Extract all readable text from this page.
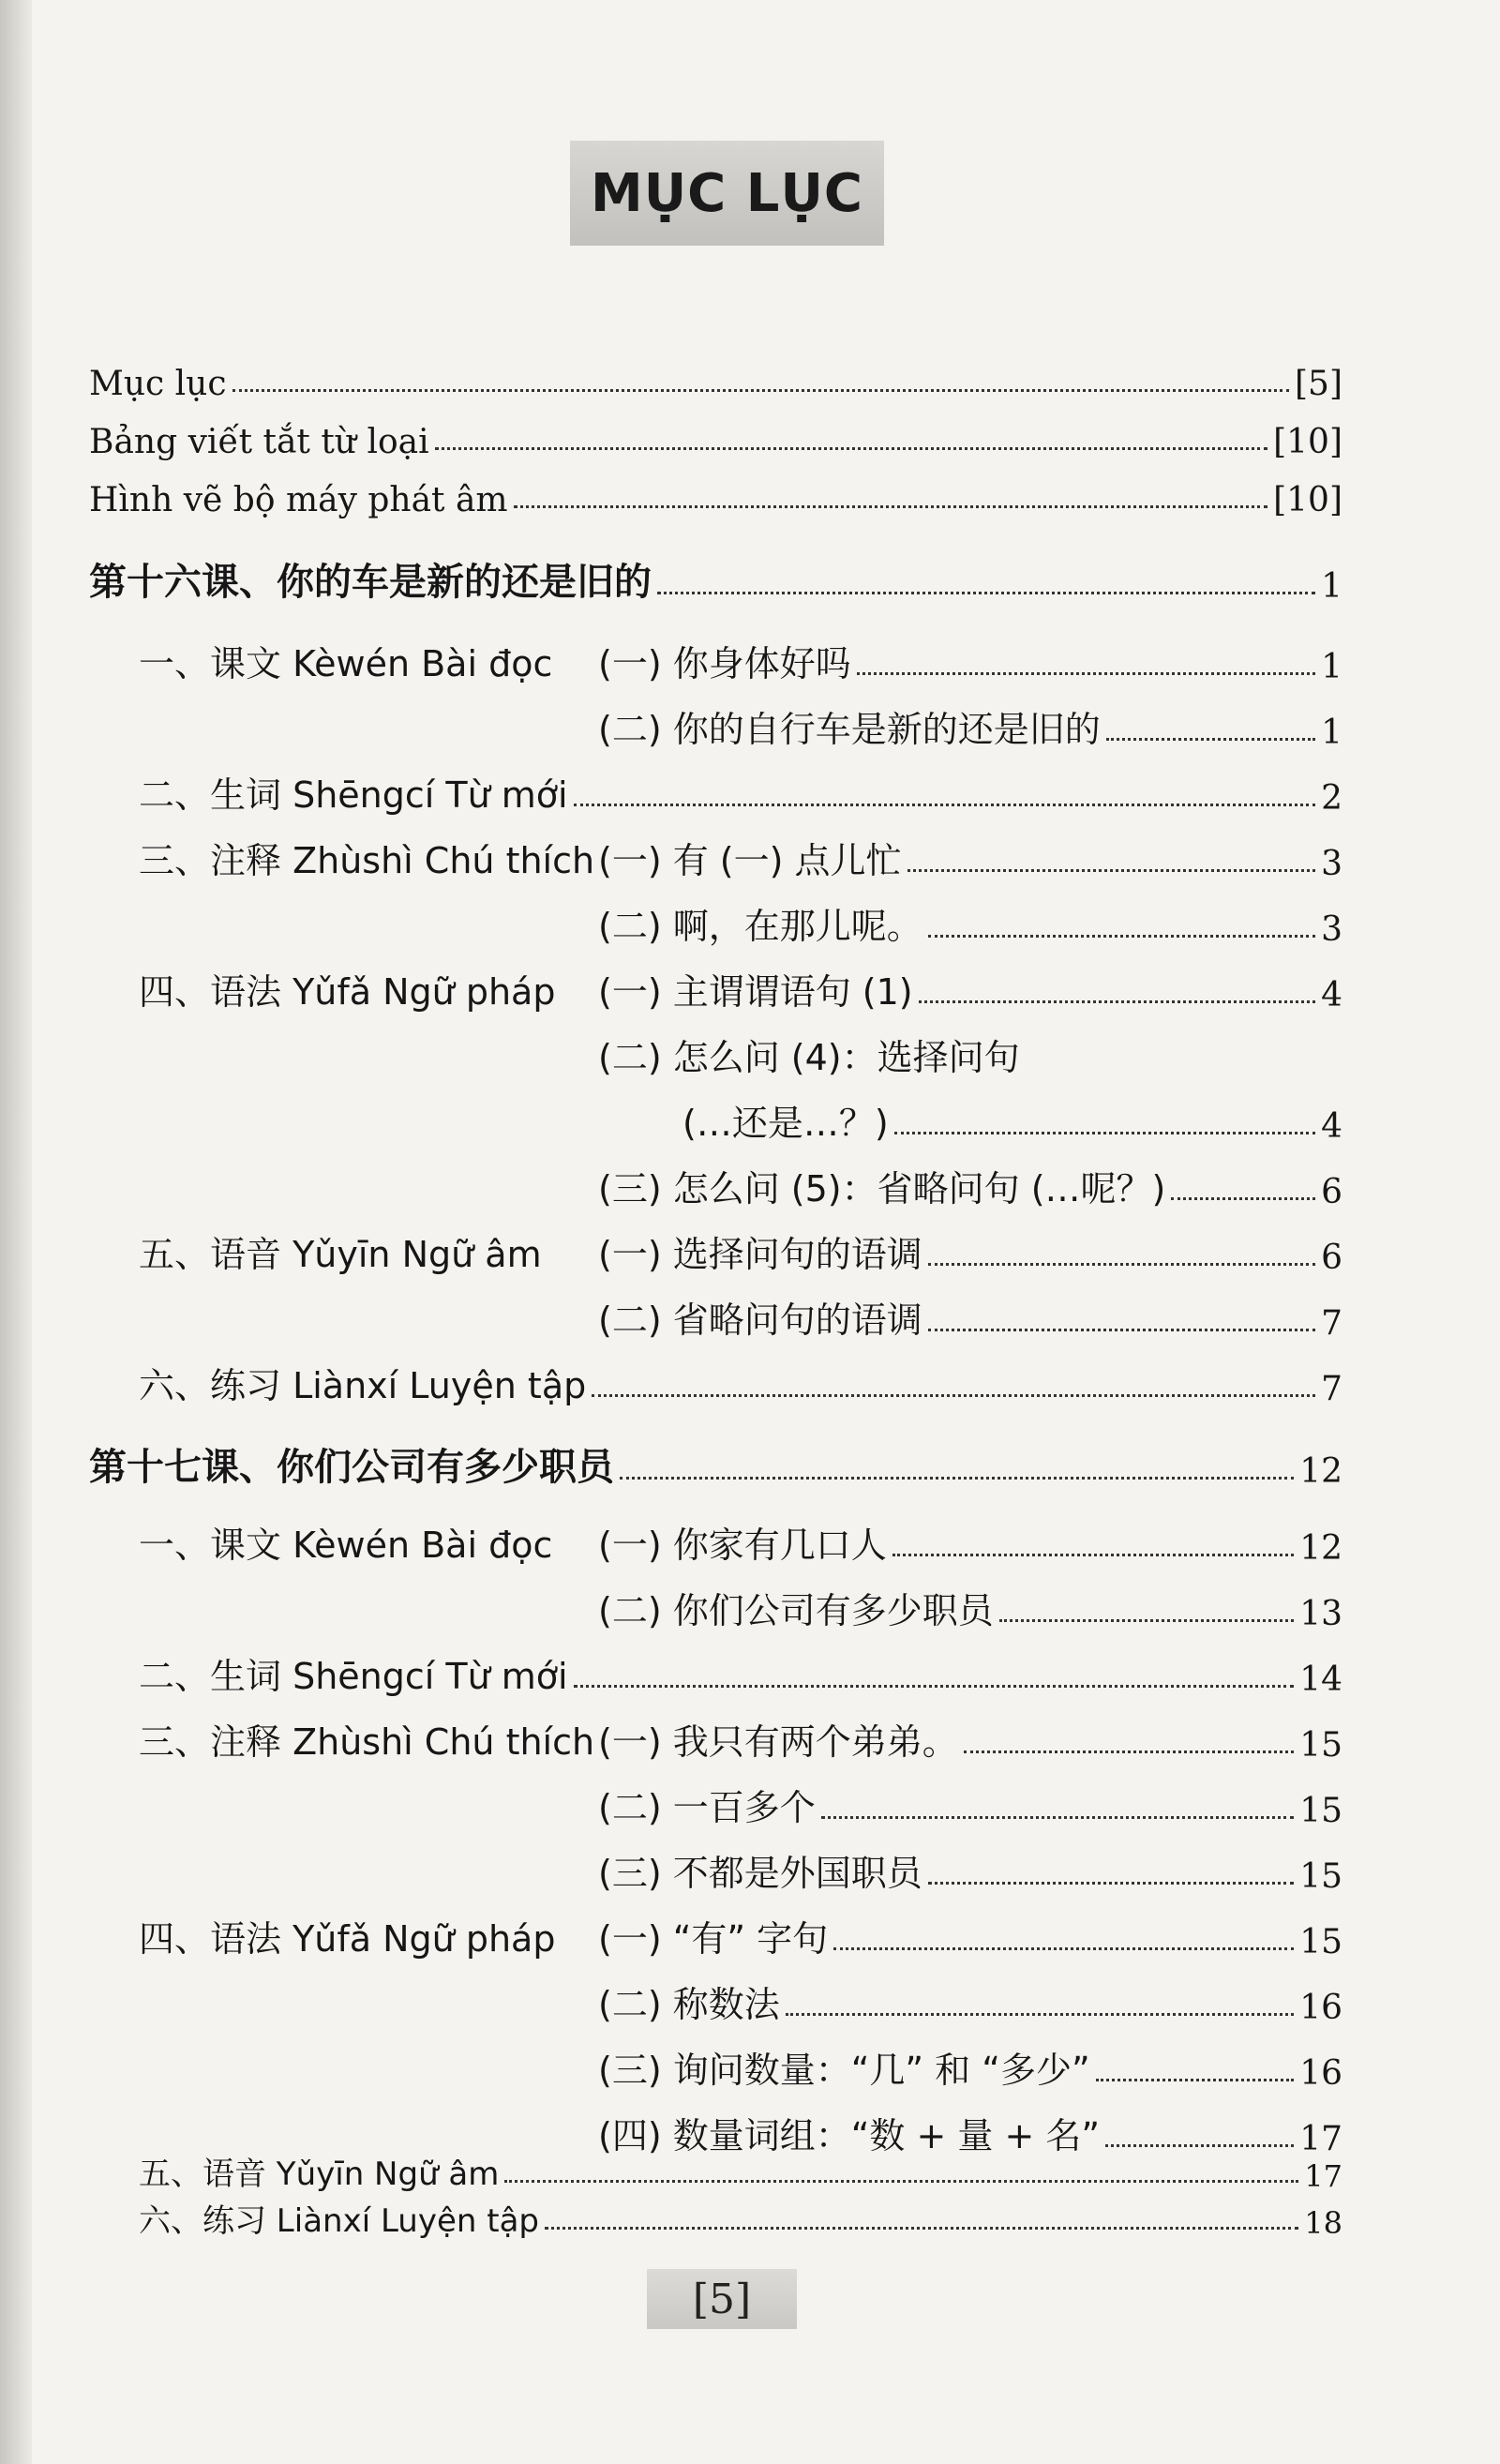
MỤC LỤC
Mục lục	[5]
Bảng viết tắt từ loại	[10]
Hình vẽ bộ máy phát âm	[10]
第十六课、你的车是新的还是旧的	1
一、课文 Kèwén Bài đọc	(一) 你身体好吗	1
(二) 你的自行车是新的还是旧的	1
二、生词 Shēngcí Từ mới	2
三、注释 Zhùshì Chú thích (一) 有 (一) 点儿忙	3
(二) 啊，在那儿呢。	3
四、语法 Yǔfǎ Ngữ pháp	(一) 主谓谓语句 (1)	4
(二) 怎么问 (4)：选择问句
(…还是…？)	4
(三) 怎么问 (5)：省略问句 (…呢？)	6
五、语音 Yǔyīn Ngữ âm	(一) 选择问句的语调	6
(二) 省略问句的语调	7
六、练习 Liànxí Luyện tập	7
第十七课、你们公司有多少职员	12
一、课文 Kèwén Bài đọc	(一) 你家有几口人	12
(二) 你们公司有多少职员	13
二、生词 Shēngcí Từ mới	14
三、注释 Zhùshì Chú thích (一) 我只有两个弟弟。	15
(二) 一百多个	15
(三) 不都是外国职员	15
四、语法 Yǔfǎ Ngữ pháp	(一) “有” 字句	15
(二) 称数法	16
(三) 询问数量：“几” 和 “多少”	16
(四) 数量词组：“数 + 量 + 名”	17
[5]
五、语音 Yǔyīn Ngữ âm	17
六、练习 Liànxí Luyện tập	18
